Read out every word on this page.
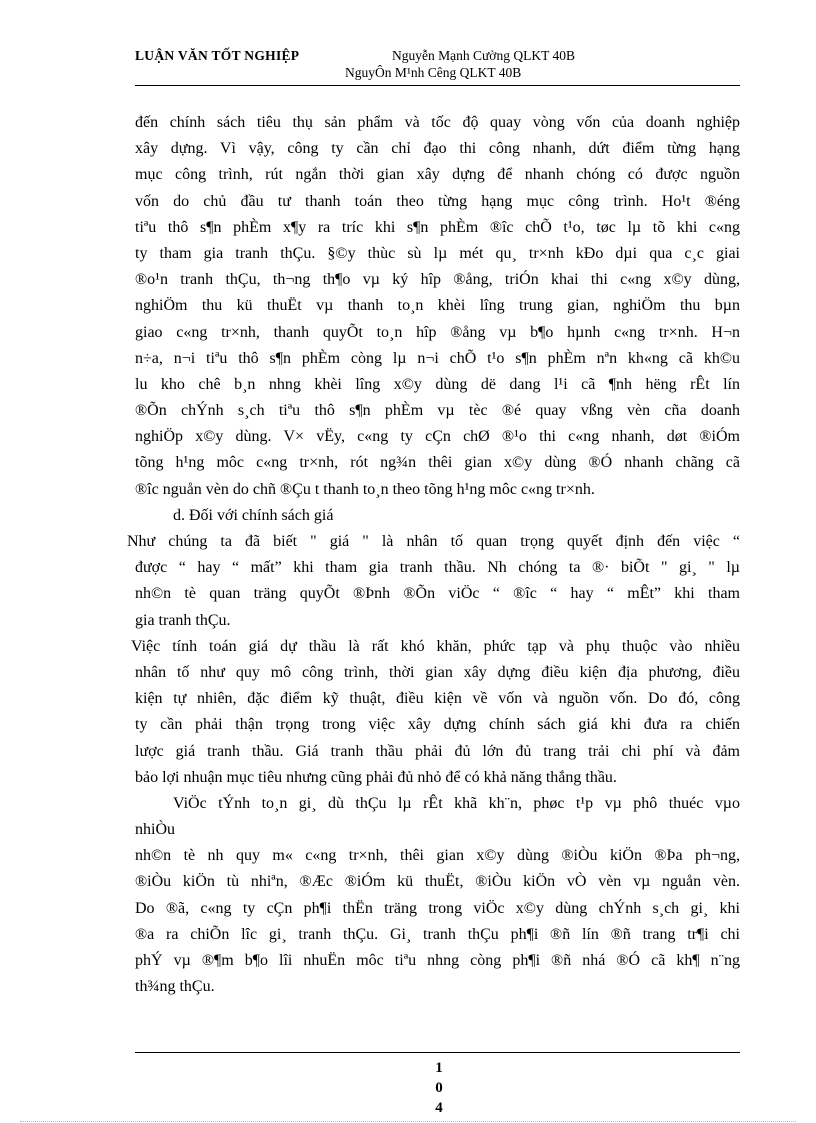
LUẬN VĂN TỐT NGHIỆP	Nguyễn Mạnh Cường QLKT 40B
NguyÔn M¹nh Cêng QLKT 40B
đến chính sách tiêu thụ sản phẩm và tốc độ quay vòng vốn của doanh nghiệp
xây dựng. Vì vậy, công ty cần chỉ đạo thi công nhanh, dứt điểm từng hạng
mục công trình, rút ngắn thời gian xây dựng để nhanh chóng có được nguồn
vốn do chủ đầu tư thanh toán theo từng hạng mục công trình. Ho¹t ®éng
tiªu thô s¶n phÈm x¶y ra tríc khi s¶n phÈm ®îc chÕ t¹o, tøc lµ tõ khi c«ng
ty tham gia tranh thÇu. §©y thùc sù lµ mét qu¸ tr×nh kÐo dµi qua c¸c giai
®o¹n tranh thÇu, th¬ng th¶o vµ ký hîp ®ång, triÓn khai thi c«ng x©y dùng,
nghiÖm thu kü thuËt vµ thanh to¸n khèi lîng trung gian, nghiÖm thu bµn
giao c«ng tr×nh, thanh quyÕt to¸n hîp ®ång vµ b¶o hµnh c«ng tr×nh. H¬n
n÷a, n¬i tiªu thô s¶n phÈm còng lµ n¬i chÕ t¹o s¶n phÈm nªn kh«ng cã kh©u
lu kho chê b¸n nhng khèi lîng x©y dùng dë dang l¹i cã ¶nh hëng rÊt lín
®Õn chÝnh s¸ch tiªu thô s¶n phÈm vµ tèc ®é quay vßng vèn cña doanh
nghiÖp x©y dùng. V× vËy, c«ng ty cÇn chØ ®¹o thi c«ng nhanh, døt ®iÓm
tõng h¹ng môc c«ng tr×nh, rót ng¾n thêi gian x©y dùng ®Ó nhanh chãng cã
®îc nguån vèn do chñ ®Çu t thanh to¸n theo tõng h¹ng môc c«ng tr×nh.
d. Đối với chính sách giá
Như chúng ta đã biết " giá " là nhân tố quan trọng quyết định đến việc “
được “ hay “ mất” khi tham gia tranh thầu. Nh chóng ta ®· biÕt " gi¸ " lµ
nh©n tè quan träng quyÕt ®Þnh ®Õn viÖc “ ®îc “ hay “ mÊt” khi tham
gia tranh thÇu.
Việc tính toán giá dự thầu là rất khó khăn, phức tạp và phụ thuộc vào nhiều
nhân tố như quy mô công trình, thời gian xây dựng điều kiện địa phương, điều
kiện tự nhiên, đặc điểm kỹ thuật, điều kiện về vốn và nguồn vốn. Do đó, công
ty cần phải thận trọng trong việc xây dựng chính sách giá khi đưa ra chiến
lược giá tranh thầu. Giá tranh thầu phải đủ lớn đủ trang trải chi phí và đảm
bảo lợi nhuận mục tiêu nhưng cũng phải đủ nhỏ để có khả năng thắng thầu.
ViÖc tÝnh to¸n gi¸ dù thÇu lµ rÊt khã kh¨n, phøc t¹p vµ phô thuéc vµo
nhiÒu
nh©n tè nh quy m« c«ng tr×nh, thêi gian x©y dùng ®iÒu kiÖn ®Þa ph¬ng,
®iÒu kiÖn tù nhiªn, ®Æc ®iÓm kü thuËt, ®iÒu kiÖn vÒ vèn vµ nguån vèn.
Do ®ã, c«ng ty cÇn ph¶i thËn träng trong viÖc x©y dùng chÝnh s¸ch gi¸ khi
®a ra chiÕn lîc gi¸ tranh thÇu. Gi¸ tranh thÇu ph¶i ®ñ lín ®ñ trang tr¶i chi
phÝ vµ ®¶m b¶o lîi nhuËn môc tiªu nhng còng ph¶i ®ñ nhá ®Ó cã kh¶ n¨ng
th¾ng thÇu.
1
0
4
